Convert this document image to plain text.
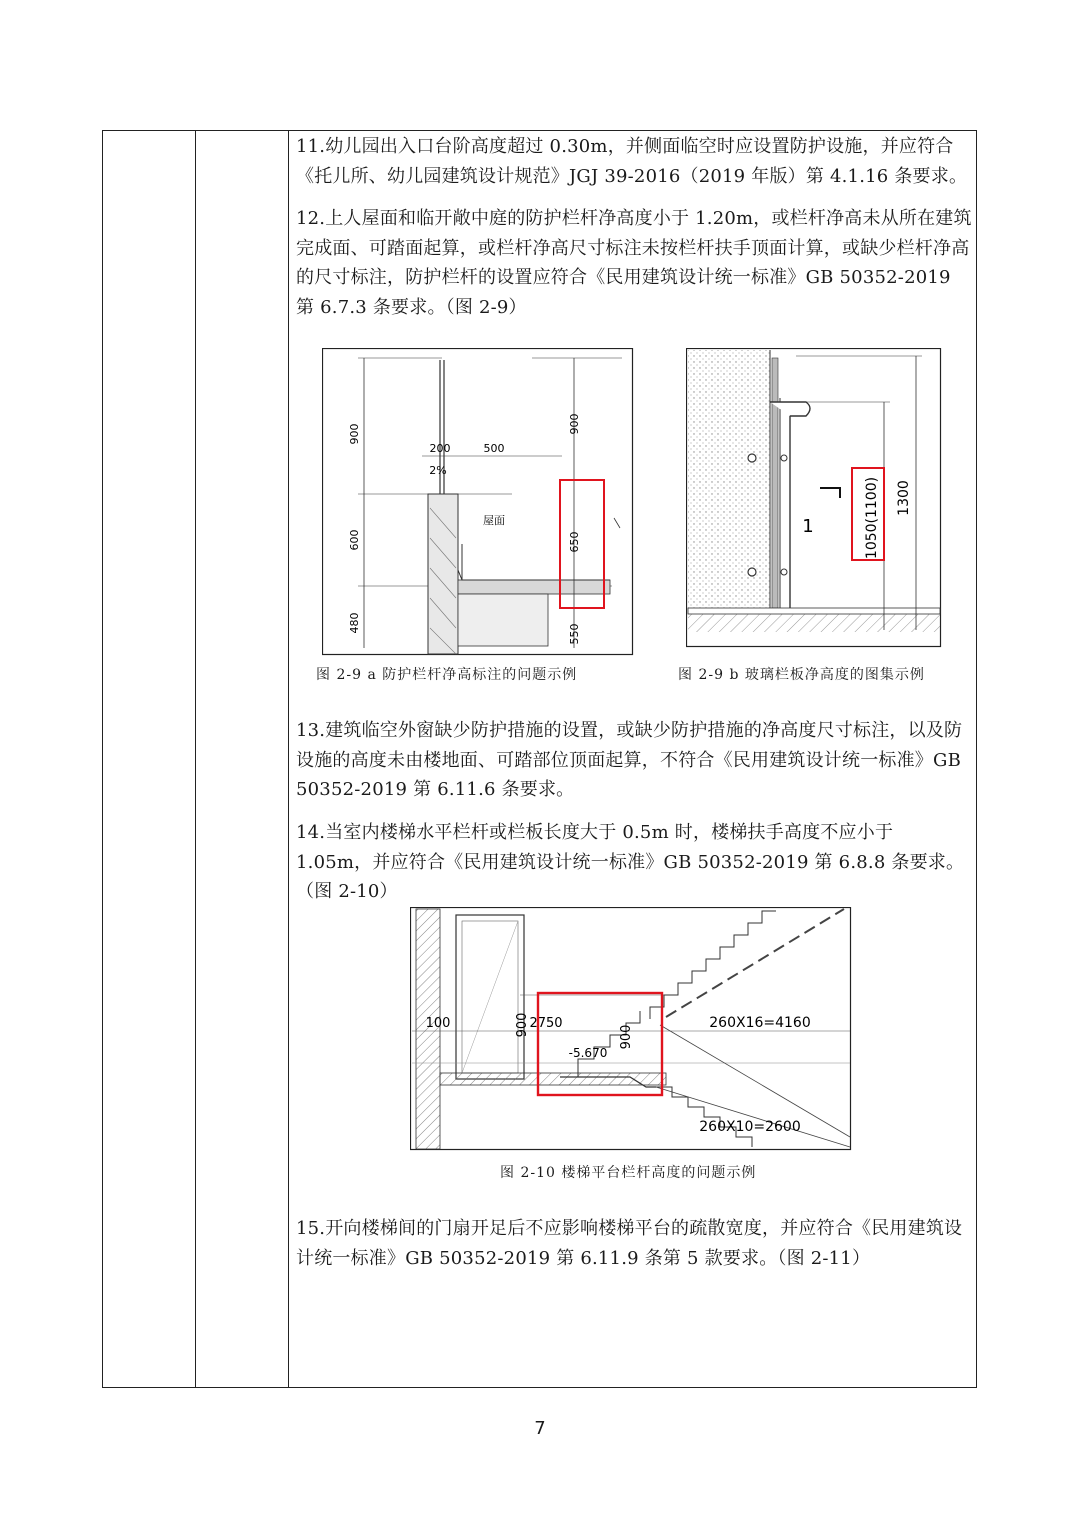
11.幼儿园出入口台阶高度超过 0.30m，并侧面临空时应设置防护设施，并应符合《托儿所、幼儿园建筑设计规范》JGJ 39-2016（2019 年版）第 4.1.16 条要求。

12.上人屋面和临开敞中庭的防护栏杆净高度小于 1.20m，或栏杆净高未从所在建筑完成面、可踏面起算，或栏杆净高尺寸标注未按栏杆扶手顶面计算，或缺少栏杆净高的尺寸标注，防护栏杆的设置应符合《民用建筑设计统一标准》GB 50352-2019 第 6.7.3 条要求。（图 2-9）

900
600
480
200
2%
500
屋面
900
650
550
图 2-9 a 防护栏杆净高标注的问题示例
1	1050(1100) 1300
图 2-9 b 玻璃栏板净高度的图集示例

13.建筑临空外窗缺少防护措施的设置，或缺少防护措施的净高度尺寸标注，以及防设施的高度未由楼地面、可踏部位顶面起算，不符合《民用建筑设计统一标准》GB 50352-2019 第 6.11.6 条要求。

14.当室内楼梯水平栏杆或栏板长度大于 0.5m 时，楼梯扶手高度不应小于 1.05m，并应符合《民用建筑设计统一标准》GB 50352-2019 第 6.8.8 条要求。（图 2-10）

100	900 2750
-5.670
900
260X16=4160
260X10=2600
图 2-10 楼梯平台栏杆高度的问题示例

15.开向楼梯间的门扇开足后不应影响楼梯平台的疏散宽度，并应符合《民用建筑设计统一标准》GB 50352-2019 第 6.11.9 条第 5 款要求。（图 2-11）

7
